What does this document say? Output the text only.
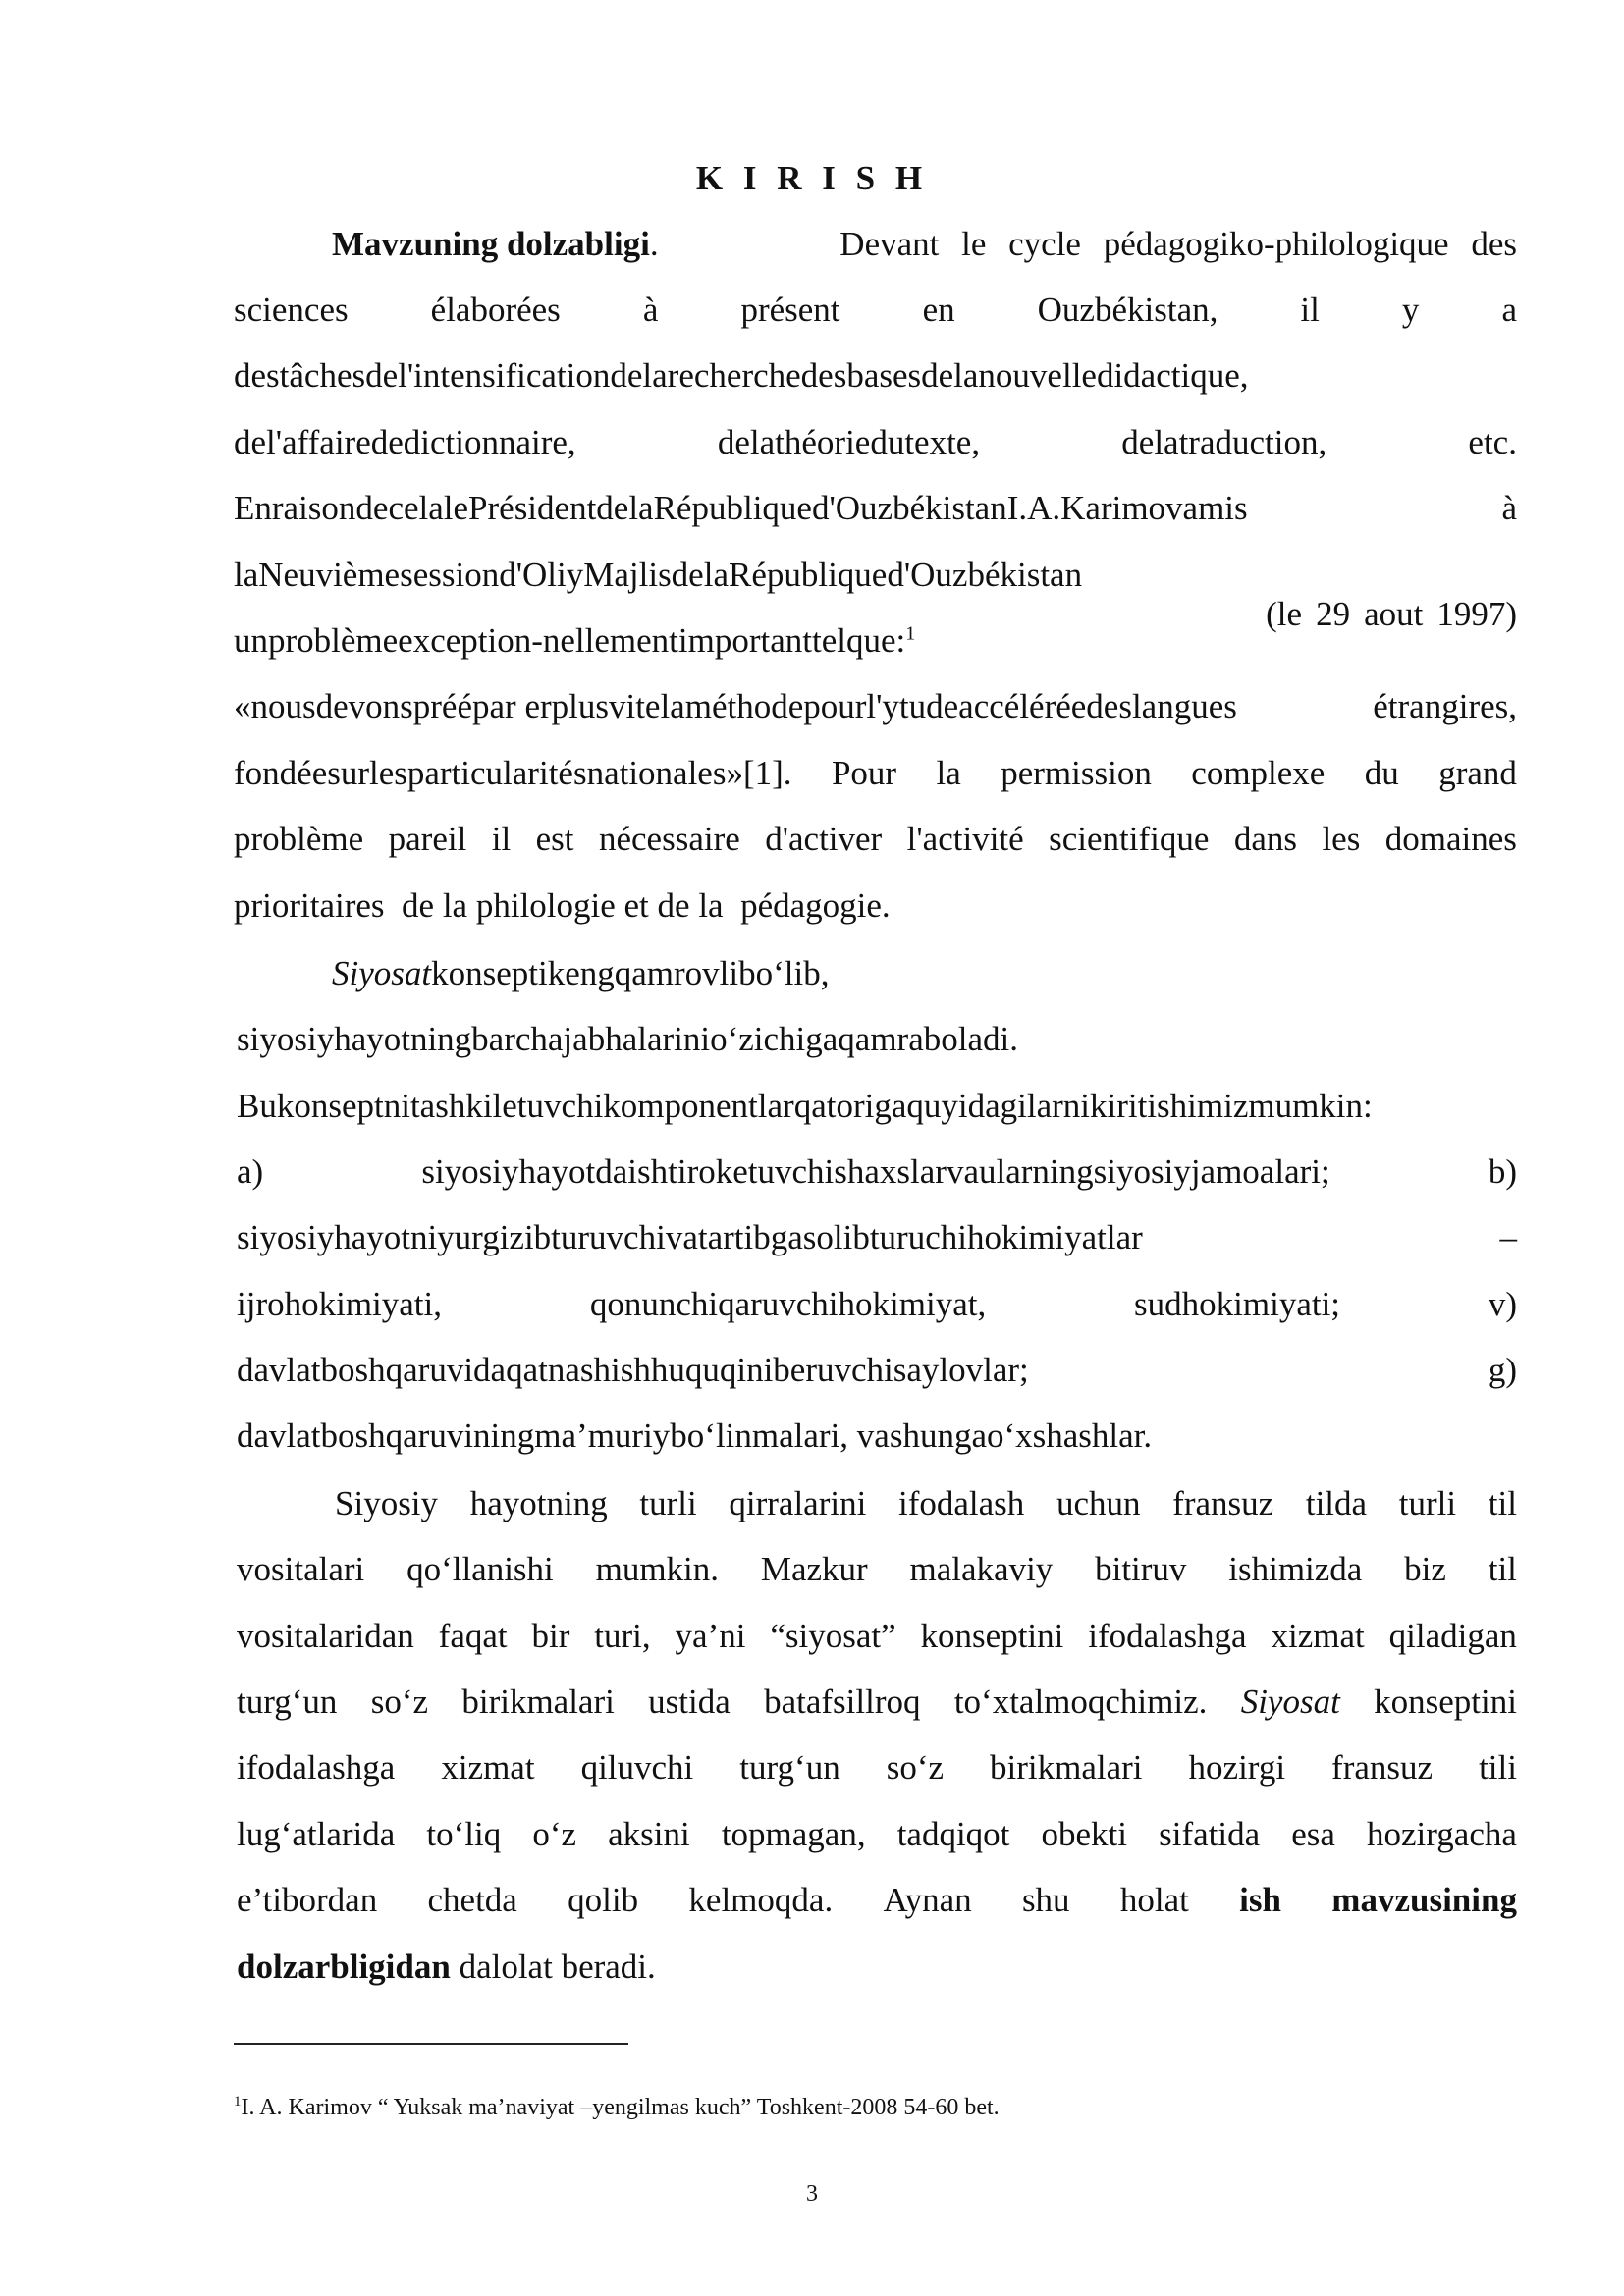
K I R I S H
Mavzuning dolzabligi.	Devant le cycle pédagogiko-philologique des
sciences élaborées à présent en Ouzbékistan, il y a
destâchesdel'intensificationdelarecherchedesbasesdelanouvelledidactique,
del'affairededictionnaire,	delathéoriedutexte,	delatraduction,	etc.
EnraisondecelalePrésidentdelaRépubliqued'OuzbékistanI.A.Karimovamis	à
laNeuvièmesessiond'OliyMajlisdelaRépubliqued'Ouzbékistan
(le 29 aout 1997)
unproblèmeexception-nellementimportanttelque:$^1$
«nousdevonspréépar erplusvitelaméthodepourl'ytudeaccéléréedeslangues	étrangires,
fondéesurlesparticularitésnationales»[1]. Pour la permission complexe du grand
problème pareil il est nécessaire d'activer l'activité scientifique dans les domaines
prioritaires  de la philologie et de la  pédagogie.
Siyosatkonseptikengqamrovlibo‘lib,
siyosiyhayotningbarchajabhalarinio‘zichigaqamraboladi.
Bukonseptnitashkiletuvchikomponentlarqatorigaquyidagilarnikiritishimizmumkin:
a)	siyosiyhayotdaishtiroketuvchishaxslarvaularningsiyosiyjamoalari;	b)
siyosiyhayotniyurgizibturuvchivatartibgasolibturuchihokimiyatlar	–
ijrohokimiyati,	qonunchiqaruvchihokimiyat,	sudhokimiyati;	v)
davlatboshqaruvidaqatnashishhuquqiniberuvchisaylovlar;	g)
davlatboshqaruviningma’muriybo‘linmalari, vashungao‘xshashlar.
Siyosiy hayotning turli qirralarini ifodalash uchun fransuz tilda turli til
vositalari qo‘llanishi mumkin. Mazkur malakaviy bitiruv ishimizda biz til
vositalaridan faqat bir turi, ya’ni “siyosat” konseptini ifodalashga xizmat qiladigan
turg‘un so‘z birikmalari ustida batafsillroq to‘xtalmoqchimiz. Siyosat konseptini
ifodalashga xizmat qiluvchi turg‘un so‘z birikmalari hozirgi fransuz tili
lug‘atlarida to‘liq o‘z aksini topmagan, tadqiqot obekti sifatida esa hozirgacha
e’tibordan chetda qolib kelmoqda. Aynan shu holat ish mavzusining
dolzarbligidan dalolat beradi.
$^1$I. A. Karimov “ Yuksak ma’naviyat –yengilmas kuch” Toshkent-2008 54-60 bet.
3
